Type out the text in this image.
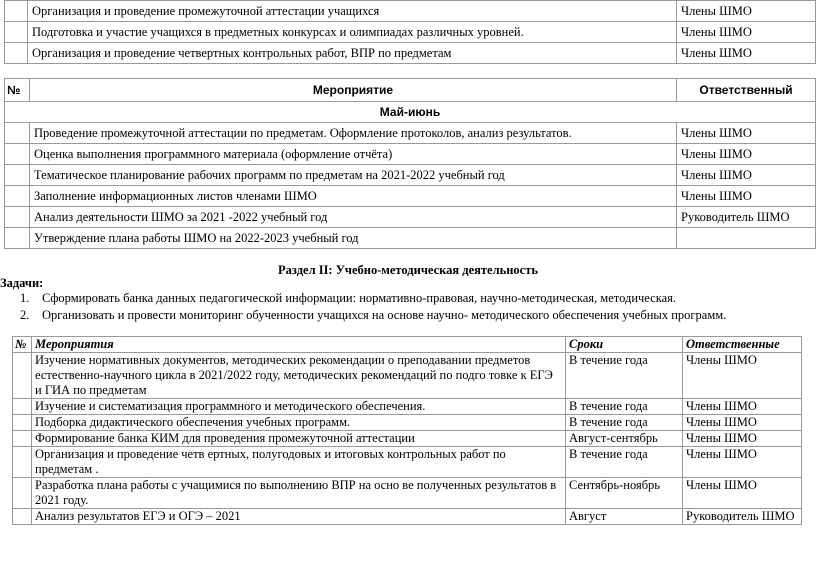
	Организация и проведение промежуточной аттестации учащихся	Члены ШМО
	Подготовка и участие учащихся в предметных конкурсах и олимпиадах различных уровней.	Члены ШМО
	Организация и проведение четвертных контрольных работ, ВПР по предметам	Члены ШМО
№	Мероприятие	Ответственный
Май-июнь		
	Проведение промежуточной аттестации по предметам. Оформление протоколов, анализ результатов.	Члены ШМО
	Оценка выполнения программного материала (оформление отчёта)	Члены ШМО
	Тематическое планирование рабочих программ по предметам на 2021-2022 учебный год	Члены ШМО
	Заполнение информационных листов членами ШМО	Члены ШМО
	Анализ деятельности ШМО за 2021 -2022 учебный год	Руководитель ШМО
	Утверждение плана работы ШМО на 2022-2023 учебный год	
Раздел II: Учебно-методическая деятельность
Задачи:
1. Сформировать банка данных педагогической информации: нормативно-правовая, научно-методическая, методическая.
2. Организовать и провести мониторинг обученности учащихся на основе научно- методического обеспечения учебных программ.
№	Мероприятия	Сроки	Ответственные
	Изучение нормативных документов, методических рекомендации о преподавании предметов естественно-научного цикла в 2021/2022 году, методических рекомендаций по подго товке к ЕГЭ и ГИА по предметам	В течение года	Члены ШМО
	Изучение и систематизация программного и методического обеспечения.	В течение года	Члены ШМО
	Подборка дидактического обеспечения учебных программ.	В течение года	Члены ШМО
	Формирование банка КИМ для проведения промежуточной аттестации	Август-сентябрь	Члены ШМО
	Организация и проведение четв ертных, полугодовых и итоговых контрольных работ по предметам .	В течение года	Члены ШМО
	Разработка плана работы с учащимися по выполнению ВПР на осно ве полученных результатов в 2021 году.	Сентябрь-ноябрь	Члены ШМО
	Анализ результатов ЕГЭ и ОГЭ – 2021	Август	Руководитель ШМО
